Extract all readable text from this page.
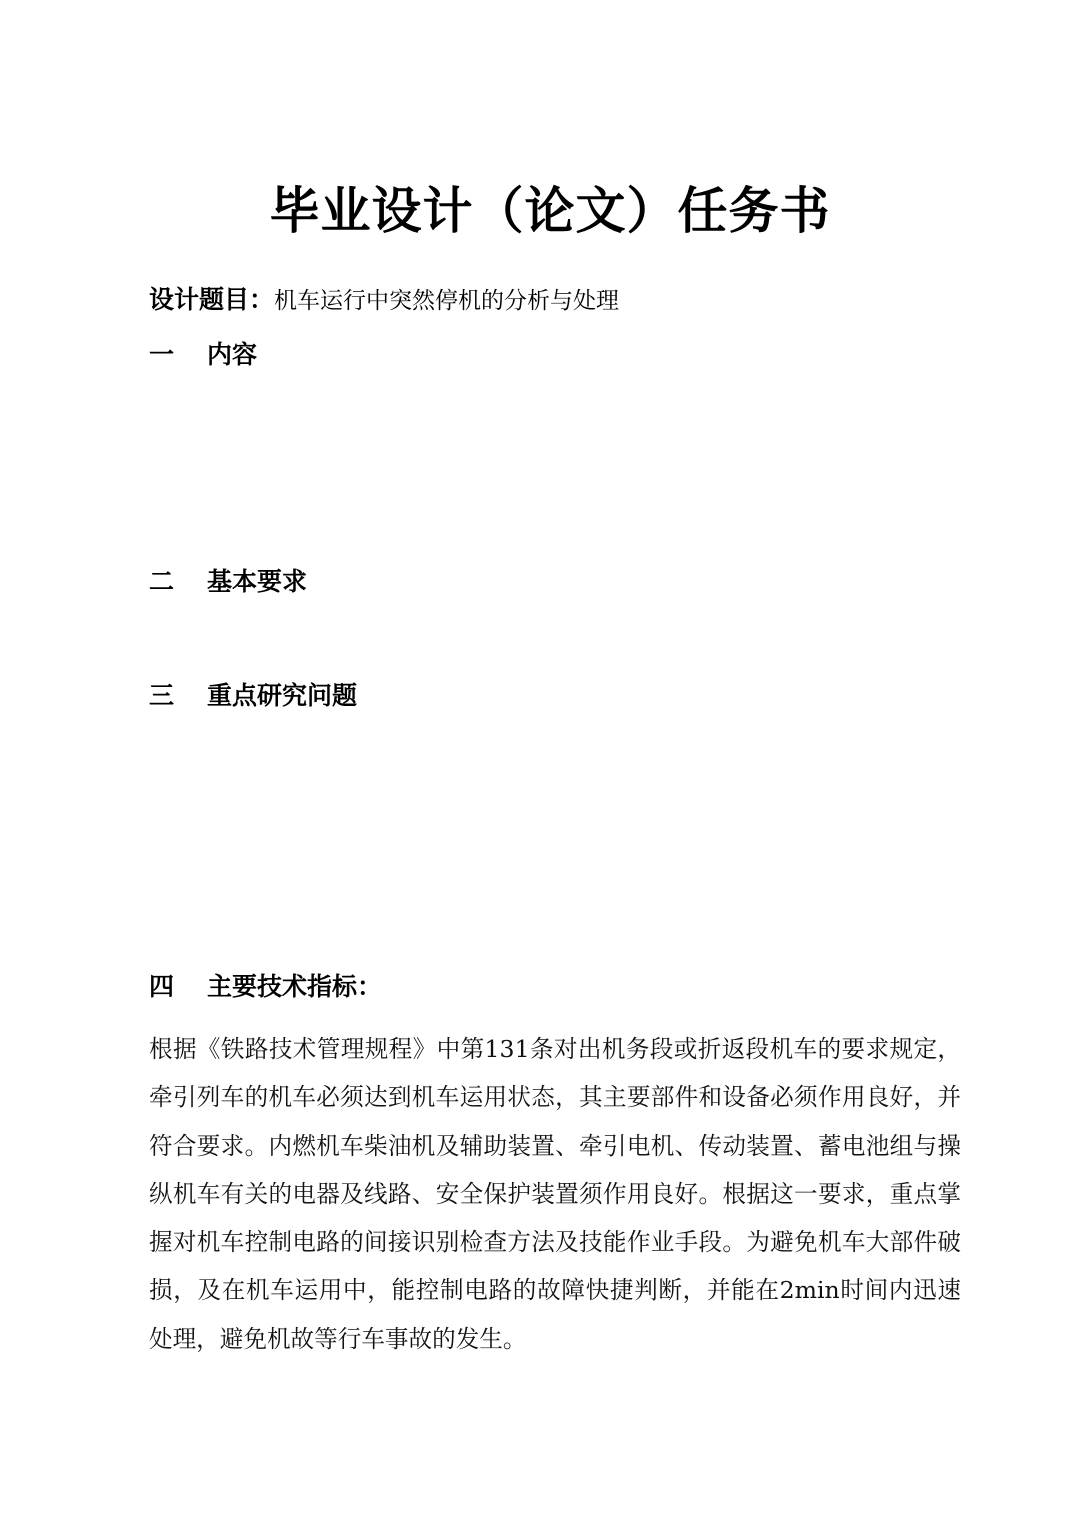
毕业设计（论文）任务书

设计题目：机车运行中突然停机的分析与处理

一 内容
二 基本要求
三 重点研究问题
四 主要技术指标：

根据《铁路技术管理规程》中第131条对出机务段或折返段机车的要求规定，牵引列车的机车必须达到机车运用状态，其主要部件和设备必须作用良好，并符合要求。内燃机车柴油机及辅助装置、牵引电机、传动装置、蓄电池组与操纵机车有关的电器及线路、安全保护装置须作用良好。根据这一要求，重点掌握对机车控制电路的间接识别检查方法及技能作业手段。为避免机车大部件破损，及在机车运用中，能控制电路的故障快捷判断，并能在2min时间内迅速处理，避免机故等行车事故的发生。
